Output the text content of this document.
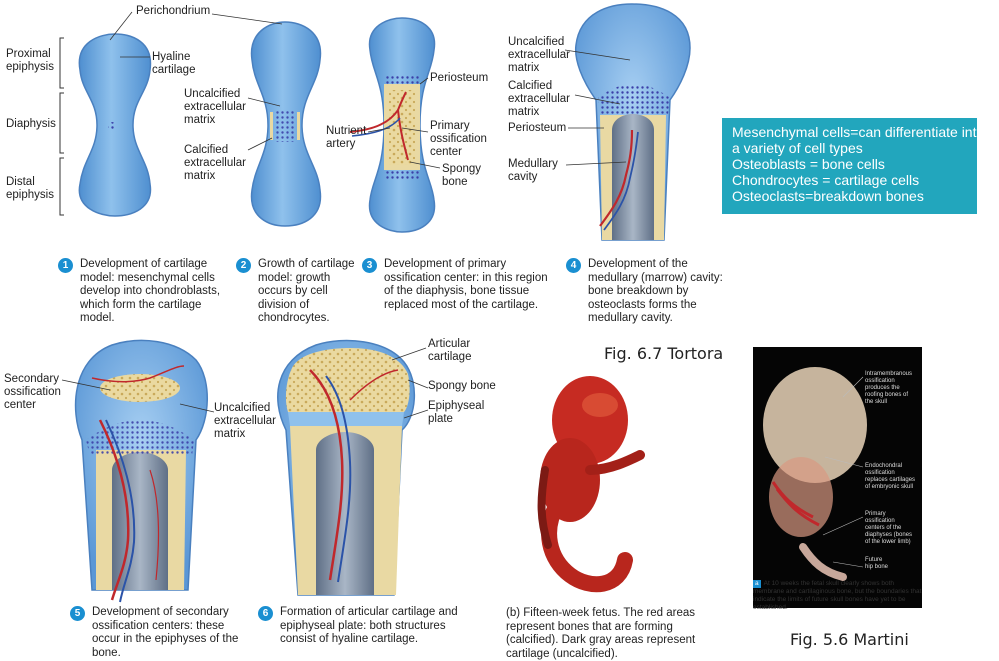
Perichondrium
Proximal
epiphysis
Hyaline
cartilage
Diaphysis
Distal
epiphysis
Uncalcified
extracellular
matrix
Calcified
extracellular
matrix
Periosteum
Nutrient
artery
Primary
ossification
center
Spongy
bone
Uncalcified
extracellular
matrix
Calcified
extracellular
matrix
Periosteum
Medullary
cavity
Secondary
ossification
center	Uncalcified
extracellular
matrix
Articular
cartilage
Spongy bone
Epiphyseal
plate
1	Development of cartilage model: mesenchymal cells develop into chondroblasts, which form the cartilage model.
2	Growth of cartilage model: growth occurs by cell division of chondrocytes.
3	Development of primary ossification center: in this region of the diaphysis, bone tissue replaced most of the cartilage.
4	Development of the medullary (marrow) cavity: bone breakdown by osteoclasts forms the medullary cavity.
5	Development of secondary ossification centers: these occur in the epiphyses of the bone.
6	Formation of articular cartilage and epiphyseal plate: both structures consist of hyaline cartilage.
(b) Fifteen-week fetus. The red areas represent bones that are forming (calcified). Dark gray areas represent cartilage (uncalcified).
Mesenchymal cells=can differentiate into
a variety of cell types
Osteoblasts = bone cells
Chondrocytes = cartilage cells
Osteoclasts=breakdown bones
Fig. 6.7 Tortora
Fig. 5.6 Martini
Intramembranous
ossification
produces the
roofing bones of
the skull
Endochondral
ossification
replaces cartilages
of embryonic skull
Primary
ossification
centers of the
diaphyses (bones
of the lower limb)
Future
hip bone
a At 10 weeks the fetal skull clearly shows both membrane and cartilaginous bone, but the boundaries that indicate the limits of future skull bones have yet to be established.
